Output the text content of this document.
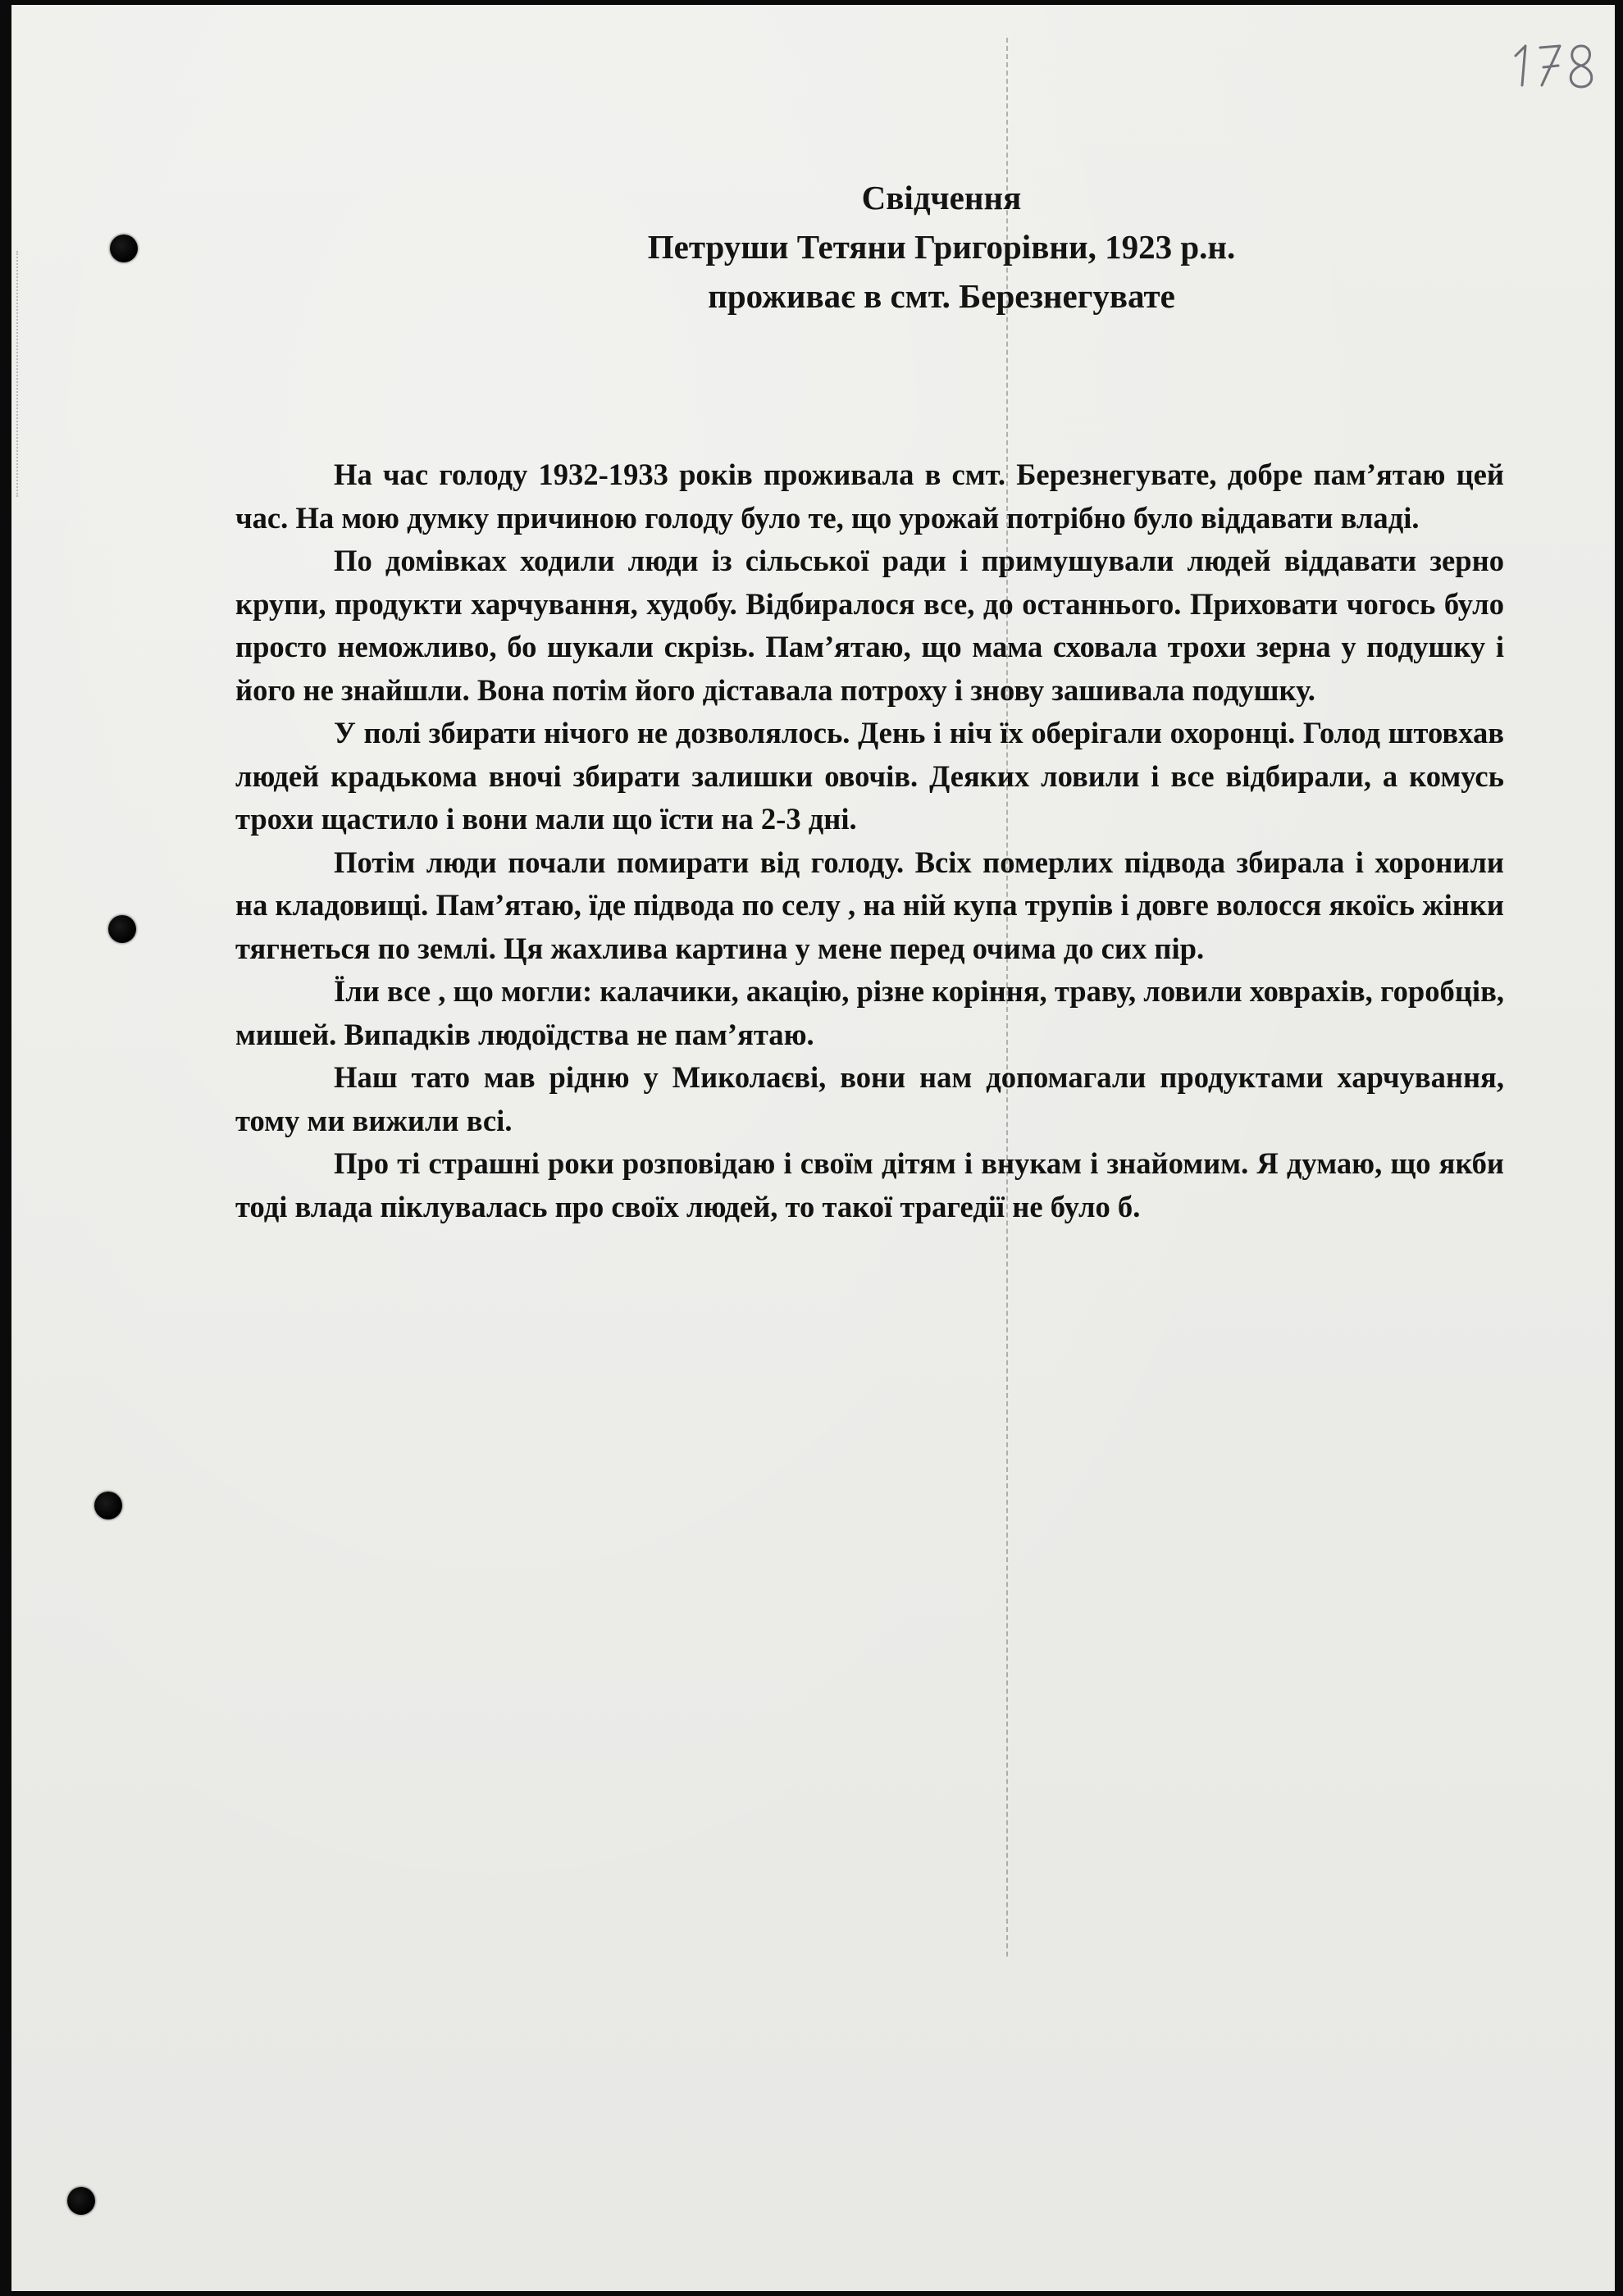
Свідчення
Петруши Тетяни Григорівни, 1923 р.н.
проживає в смт. Березнегувате

На час голоду 1932-1933 років проживала в смт. Березнегувате, добре пам’ятаю цей час. На мою думку причиною голоду було те, що урожай потрібно було віддавати владі.

По домівках ходили люди із сільської ради і примушували людей віддавати зерно крупи, продукти харчування, худобу. Відбиралося все, до останнього. Приховати чогось було просто неможливо, бо шукали скрізь. Пам’ятаю, що мама сховала трохи зерна у подушку і його не знайшли. Вона потім його діставала потроху і знову зашивала подушку.

У полі збирати нічого не дозволялось. День і ніч їх оберігали охоронці. Голод штовхав людей крадькома вночі збирати залишки овочів. Деяких ловили і все відбирали, а комусь трохи щастило і вони мали що їсти на 2-3 дні.

Потім люди почали помирати від голоду. Всіх померлих підвода збирала і хоронили на кладовищі. Пам’ятаю, їде підвода по селу , на ній купа трупів і довге волосся якоїсь жінки тягнеться по землі. Ця жахлива картина у мене перед очима до сих пір.

Їли все , що могли: калачики, акацію, різне коріння, траву, ловили ховрахів, горобців, мишей. Випадків людоїдства не пам’ятаю.

Наш тато мав рідню у Миколаєві, вони нам допомагали продуктами харчування, тому ми вижили всі.

Про ті страшні роки розповідаю і своїм дітям і внукам і знайомим. Я думаю, що якби тоді влада піклувалась про своїх людей, то такої трагедії не було б.
